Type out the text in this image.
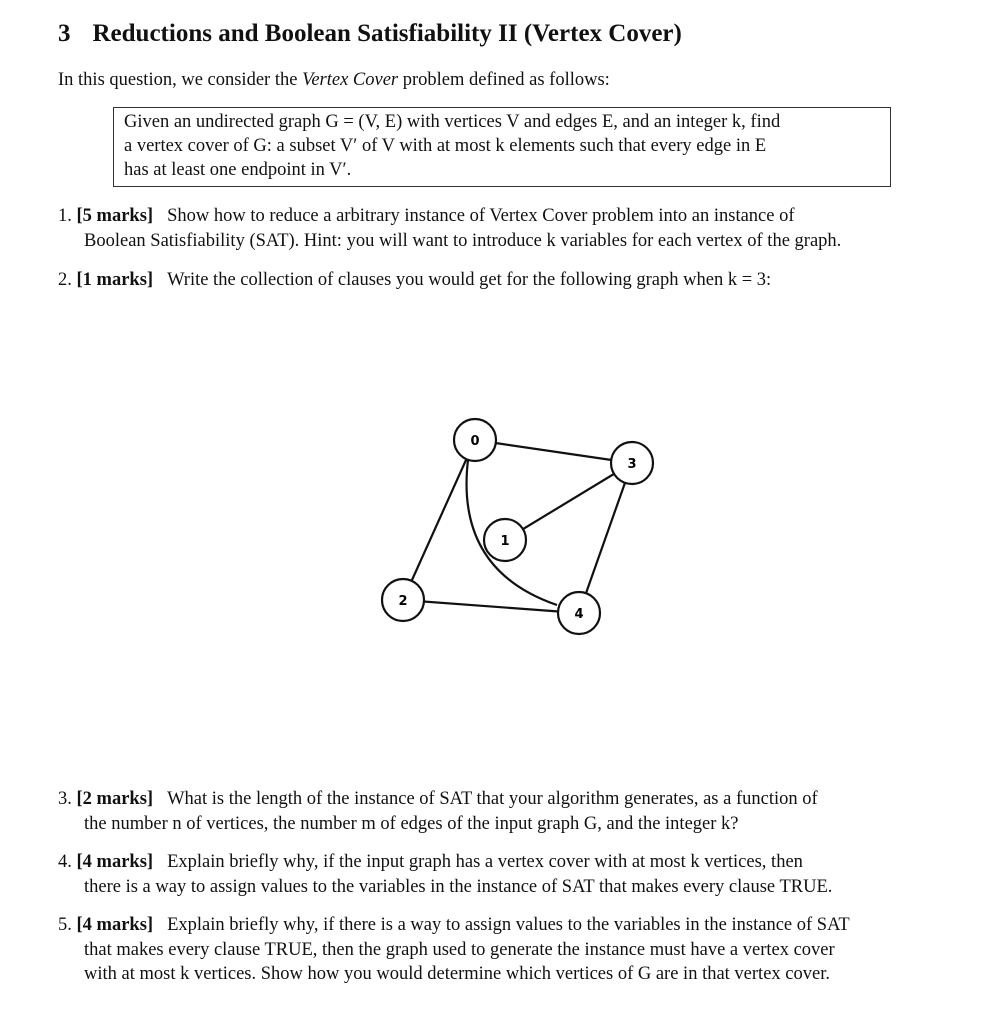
3 Reductions and Boolean Satisfiability II (Vertex Cover)
In this question, we consider the Vertex Cover problem defined as follows:
Given an undirected graph G = (V, E) with vertices V and edges E, and an integer k, find
a vertex cover of G: a subset V′ of V with at most k elements such that every edge in E
has at least one endpoint in V′.
1. [5 marks] Show how to reduce a arbitrary instance of Vertex Cover problem into an instance of
Boolean Satisfiability (SAT). Hint: you will want to introduce k variables for each vertex of the graph.
2. [1 marks] Write the collection of clauses you would get for the following graph when k = 3:
3. [2 marks] What is the length of the instance of SAT that your algorithm generates, as a function of
the number n of vertices, the number m of edges of the input graph G, and the integer k?
4. [4 marks] Explain briefly why, if the input graph has a vertex cover with at most k vertices, then
there is a way to assign values to the variables in the instance of SAT that makes every clause TRUE.
5. [4 marks] Explain briefly why, if there is a way to assign values to the variables in the instance of SAT
that makes every clause TRUE, then the graph used to generate the instance must have a vertex cover
with at most k vertices. Show how you would determine which vertices of G are in that vertex cover.
0
1
2
3
4
